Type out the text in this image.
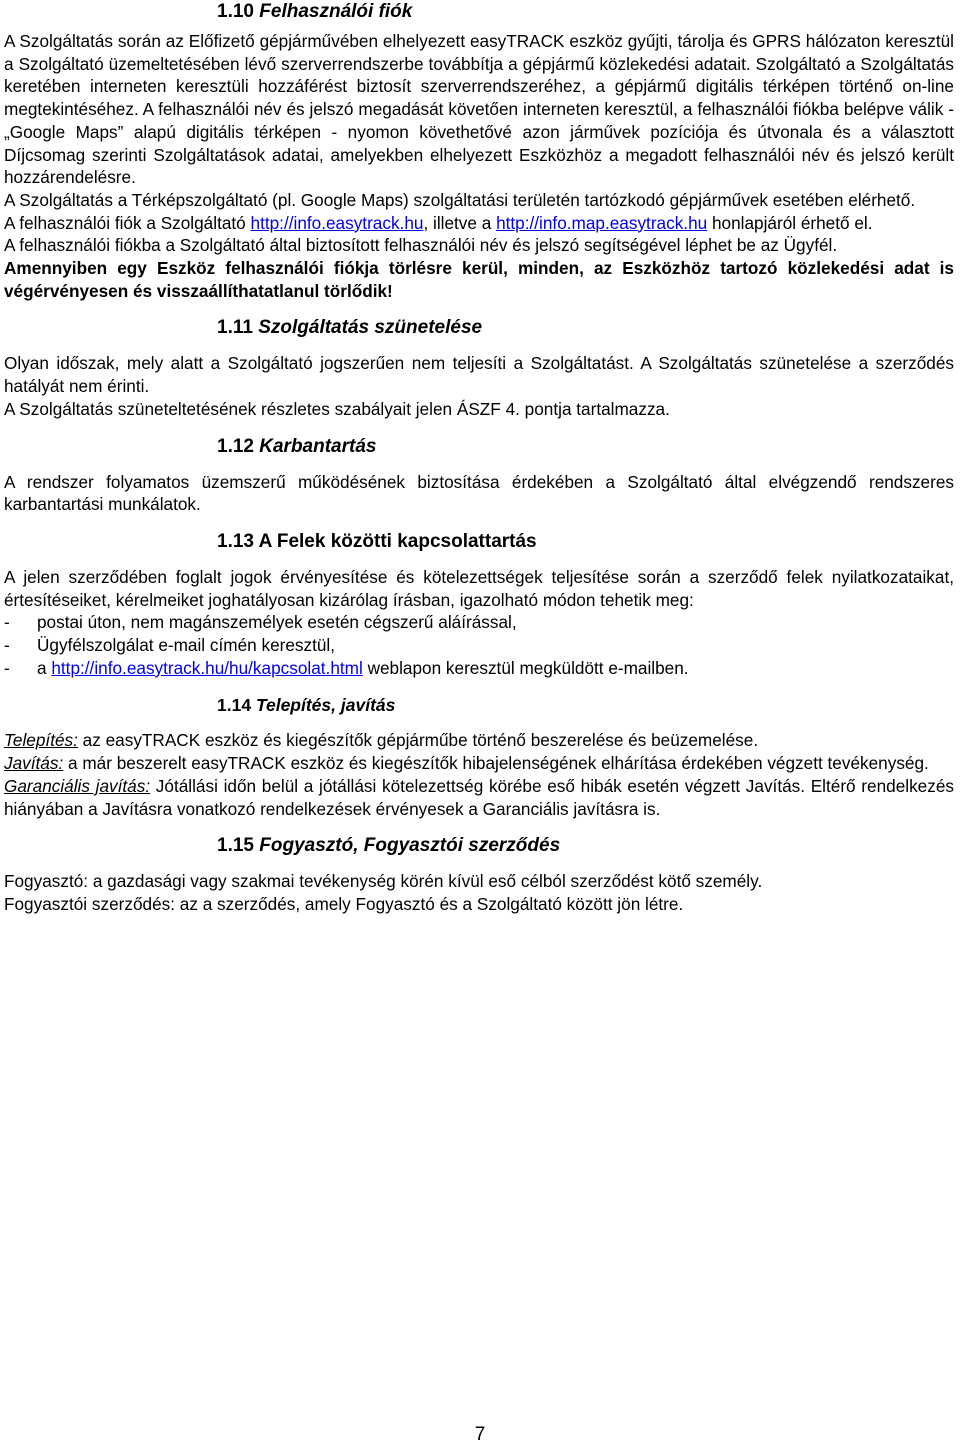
1.10 Felhasználói fiók

A Szolgáltatás során az Előfizető gépjárművében elhelyezett easyTRACK eszköz gyűjti, tárolja és GPRS hálózaton keresztül a Szolgáltató üzemeltetésében lévő szerverrendszerbe továbbítja a gépjármű közlekedési adatait. Szolgáltató a Szolgáltatás keretében interneten keresztüli hozzáférést biztosít szerverrendszeréhez, a gépjármű digitális térképen történő on-line megtekintéséhez. A felhasználói név és jelszó megadását követően interneten keresztül, a felhasználói fiókba belépve válik - „Google Maps” alapú digitális térképen - nyomon követhetővé azon járművek pozíciója és útvonala és a választott Díjcsomag szerinti Szolgáltatások adatai, amelyekben elhelyezett Eszközhöz a megadott felhasználói név és jelszó került hozzárendelésre.

A Szolgáltatás a Térképszolgáltató (pl. Google Maps) szolgáltatási területén tartózkodó gépjárművek esetében elérhető.

A felhasználói fiók a Szolgáltató http://info.easytrack.hu, illetve a http://info.map.easytrack.hu honlapjáról érhető el.

A felhasználói fiókba a Szolgáltató által biztosított felhasználói név és jelszó segítségével léphet be az Ügyfél.

Amennyiben egy Eszköz felhasználói fiókja törlésre kerül, minden, az Eszközhöz tartozó közlekedési adat is végérvényesen és visszaállíthatatlanul törlődik!

1.11 Szolgáltatás szünetelése

Olyan időszak, mely alatt a Szolgáltató jogszerűen nem teljesíti a Szolgáltatást. A Szolgáltatás szünetelése a szerződés hatályát nem érinti.

A Szolgáltatás szüneteltetésének részletes szabályait jelen ÁSZF 4. pontja tartalmazza.

1.12 Karbantartás

A rendszer folyamatos üzemszerű működésének biztosítása érdekében a Szolgáltató által elvégzendő rendszeres karbantartási munkálatok.

1.13 A Felek közötti kapcsolattartás

A jelen szerződében foglalt jogok érvényesítése és kötelezettségek teljesítése során a szerződő felek nyilatkozataikat, értesítéseiket, kérelmeiket joghatályosan kizárólag írásban, igazolható módon tehetik meg:

-	postai úton, nem magánszemélyek esetén cégszerű aláírással,
-	Ügyfélszolgálat e-mail címén keresztül,
-	a http://info.easytrack.hu/hu/kapcsolat.html weblapon keresztül megküldött e-mailben.
1.14 Telepítés, javítás

Telepítés: az easyTRACK eszköz és kiegészítők gépjárműbe történő beszerelése és beüzemelése.

Javítás: a már beszerelt easyTRACK eszköz és kiegészítők hibajelenségének elhárítása érdekében végzett tevékenység.

Garanciális javítás: Jótállási időn belül a jótállási kötelezettség körébe eső hibák esetén végzett Javítás. Eltérő rendelkezés hiányában a Javításra vonatkozó rendelkezések érvényesek a Garanciális javításra is.

1.15 Fogyasztó, Fogyasztói szerződés

Fogyasztó: a gazdasági vagy szakmai tevékenység körén kívül eső célból szerződést kötő személy.

Fogyasztói szerződés: az a szerződés, amely Fogyasztó és a Szolgáltató között jön létre.

7
